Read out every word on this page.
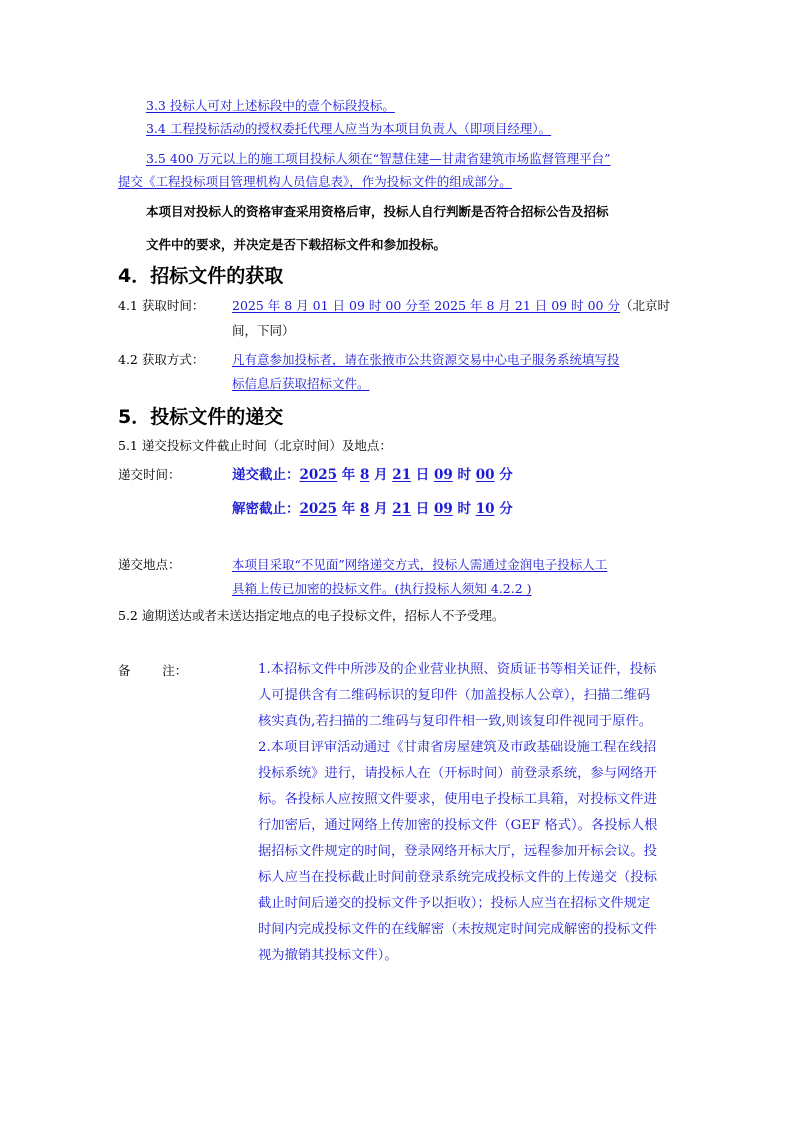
3.3 投标人可对上述标段中的壹个标段投标。
3.4 工程投标活动的授权委托代理人应当为本项目负责人（即项目经理）。
3.5 400 万元以上的施工项目投标人须在“智慧住建—甘肃省建筑市场监督管理平台”
提交《工程投标项目管理机构人员信息表》，作为投标文件的组成部分。
本项目对投标人的资格审查采用资格后审，投标人自行判断是否符合招标公告及招标
文件中的要求，并决定是否下载招标文件和参加投标。
4．招标文件的获取
4.1 获取时间： 2025 年 8 月 01 日 09 时 00 分至 2025 年 8 月 21 日 09 时 00 分 （北京时
间，下同）
4.2 获取方式： 凡有意参加投标者，请在张掖市公共资源交易中心电子服务系统填写投
标信息后获取招标文件。
5．投标文件的递交
5.1 递交投标文件截止时间（北京时间）及地点：
递交时间：	递交截止：2025 年 8 月 21 日 09 时 00 分
解密截止：2025 年 8 月 21 日 09 时 10 分
递交地点：	本项目采取“不见面”网络递交方式，投标人需通过金润电子投标人工
具箱上传已加密的投标文件。(执行投标人须知 4.2.2 )
5.2 逾期送达或者未送达指定地点的电子投标文件，招标人不予受理。
备        注：	1.本招标文件中所涉及的企业营业执照、资质证书等相关证件，投标
人可提供含有二维码标识的复印件（加盖投标人公章），扫描二维码
核实真伪,若扫描的二维码与复印件相一致,则该复印件视同于原件。
2.本项目评审活动通过《甘肃省房屋建筑及市政基础设施工程在线招
投标系统》进行，请投标人在（开标时间）前登录系统，参与网络开
标。各投标人应按照文件要求，使用电子投标工具箱，对投标文件进
行加密后，通过网络上传加密的投标文件（GEF 格式）。各投标人根
据招标文件规定的时间，登录网络开标大厅，远程参加开标会议。投
标人应当在投标截止时间前登录系统完成投标文件的上传递交（投标
截止时间后递交的投标文件予以拒收）；投标人应当在招标文件规定
时间内完成投标文件的在线解密（未按规定时间完成解密的投标文件
视为撤销其投标文件）。
